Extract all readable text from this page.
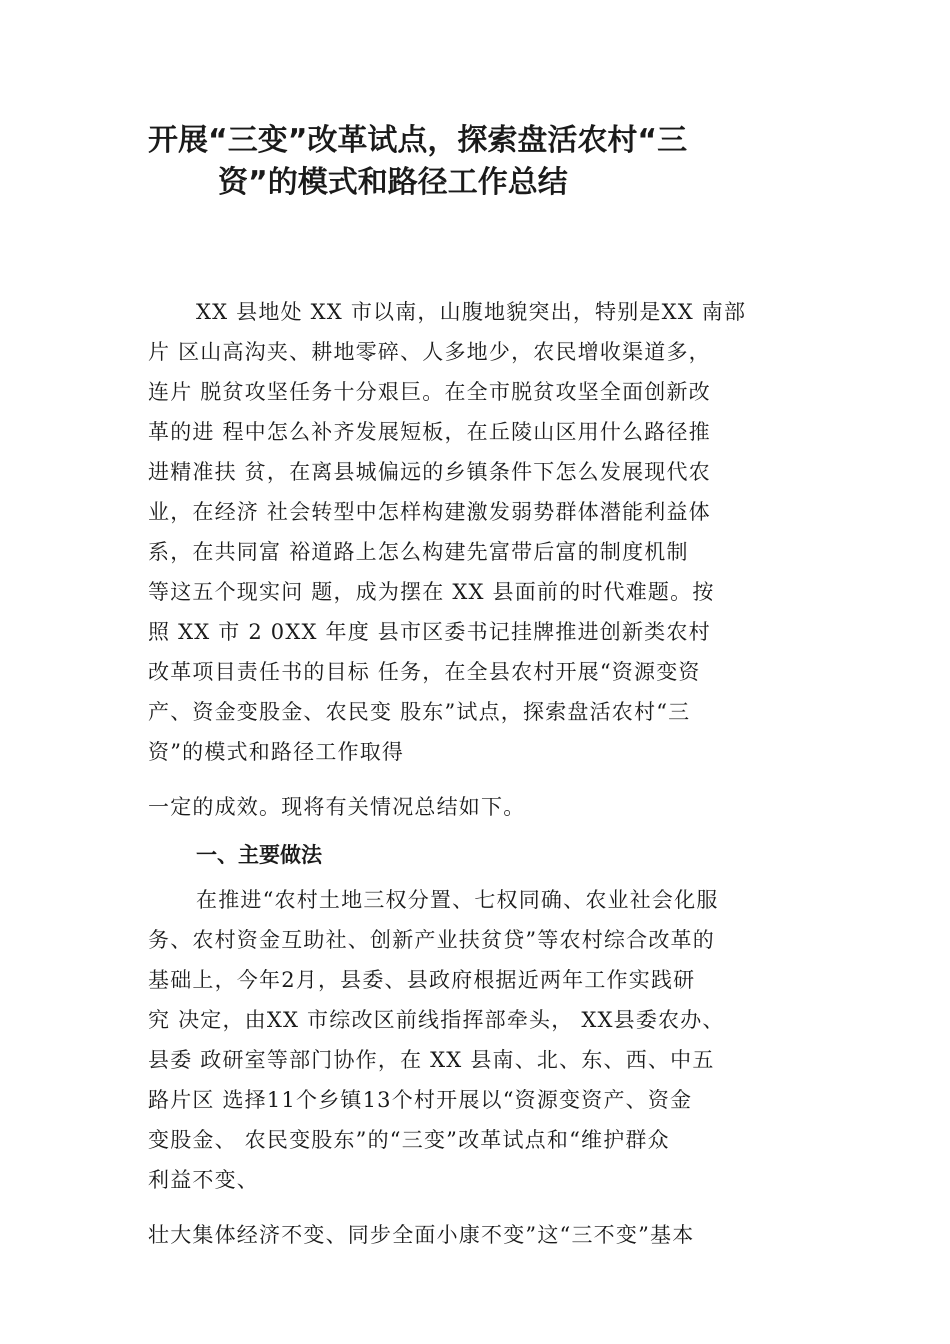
开展“三变”改革试点，探索盘活农村“三
资”的模式和路径工作总结
XX 县地处 XX 市以南，山腹地貌突出，特别是XX 南部
片 区山高沟夹、耕地零碎、人多地少，农民增收渠道多，
连片 脱贫攻坚任务十分艰巨。在全市脱贫攻坚全面创新改
革的进 程中怎么补齐发展短板，在丘陵山区用什么路径推
进精准扶 贫，在离县城偏远的乡镇条件下怎么发展现代农
业，在经济 社会转型中怎样构建激发弱势群体潜能利益体
系，在共同富 裕道路上怎么构建先富带后富的制度机制
等这五个现实问 题，成为摆在 XX 县面前的时代难题。按
照 XX 市 2 0XX 年度 县市区委书记挂牌推进创新类农村
改革项目责任书的目标 任务，在全县农村开展“资源变资
产、资金变股金、农民变 股东”试点，探索盘活农村“三
资”的模式和路径工作取得
一定的成效。现将有关情况总结如下。
一、主要做法
在推进“农村土地三权分置、七权同确、农业社会化服
务、农村资金互助社、创新产业扶贫贷”等农村综合改革的
基础上，今年2月，县委、县政府根据近两年工作实践研
究 决定，由XX 市综改区前线指挥部牵头， XX县委农办、
县委 政研室等部门协作，在 XX 县南、北、东、西、中五
路片区 选择11个乡镇13个村开展以“资源变资产、资金
变股金、 农民变股东”的“三变”改革试点和“维护群众
利益不变、
壮大集体经济不变、同步全面小康不变”这“三不变”基本
